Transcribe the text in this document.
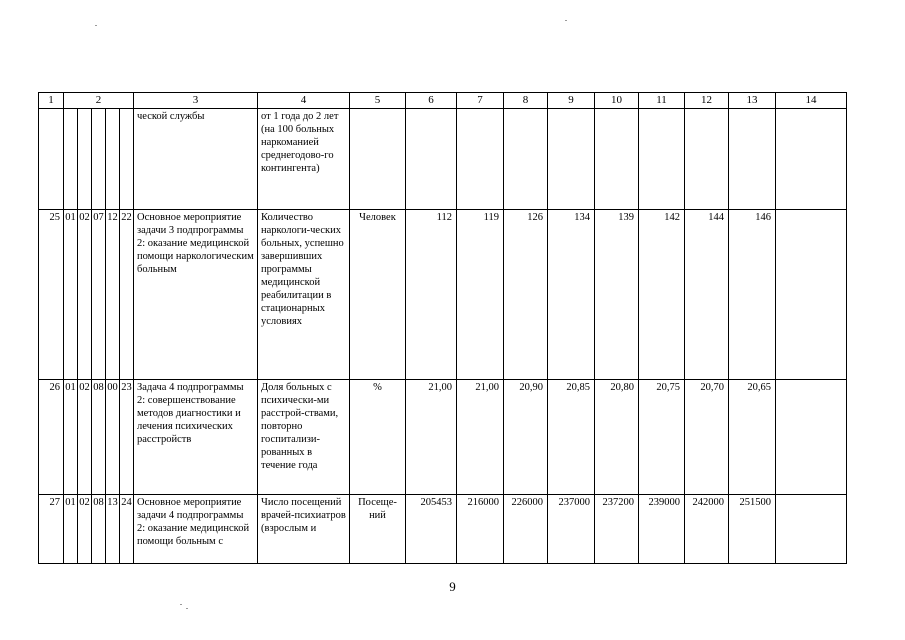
1	2					3	4	5	6	7	8	9	10	11	12	13	14
						ческой службы	от 1 года до 2 лет (на 100 больных наркоманией среднегодово-го контингента)										
25	01	02	07	12	22	Основное мероприятие задачи 3 подпрограммы 2: оказание медицинской помощи наркологическим больным	Количество наркологи-ческих больных, успешно завершивших программы медицинской реабилитации в стационарных условиях	Человек	112	119	126	134	139	142	144	146	
26	01	02	08	00	23	Задача 4 подпрограммы 2: совершенствование методов диагностики и лечения психических расстройств	Доля больных с психически-ми расстрой-ствами, повторно госпитализи-рованных в течение года	%	21,00	21,00	20,90	20,85	20,80	20,75	20,70	20,65	
27	01	02	08	13	24	Основное мероприятие задачи 4 подпрограммы 2: оказание медицинской помощи больным с	Число посещений врачей-психиатров (взрослым и	Посеще-ний	205453	216000	226000	237000	237200	239000	242000	251500	
9
